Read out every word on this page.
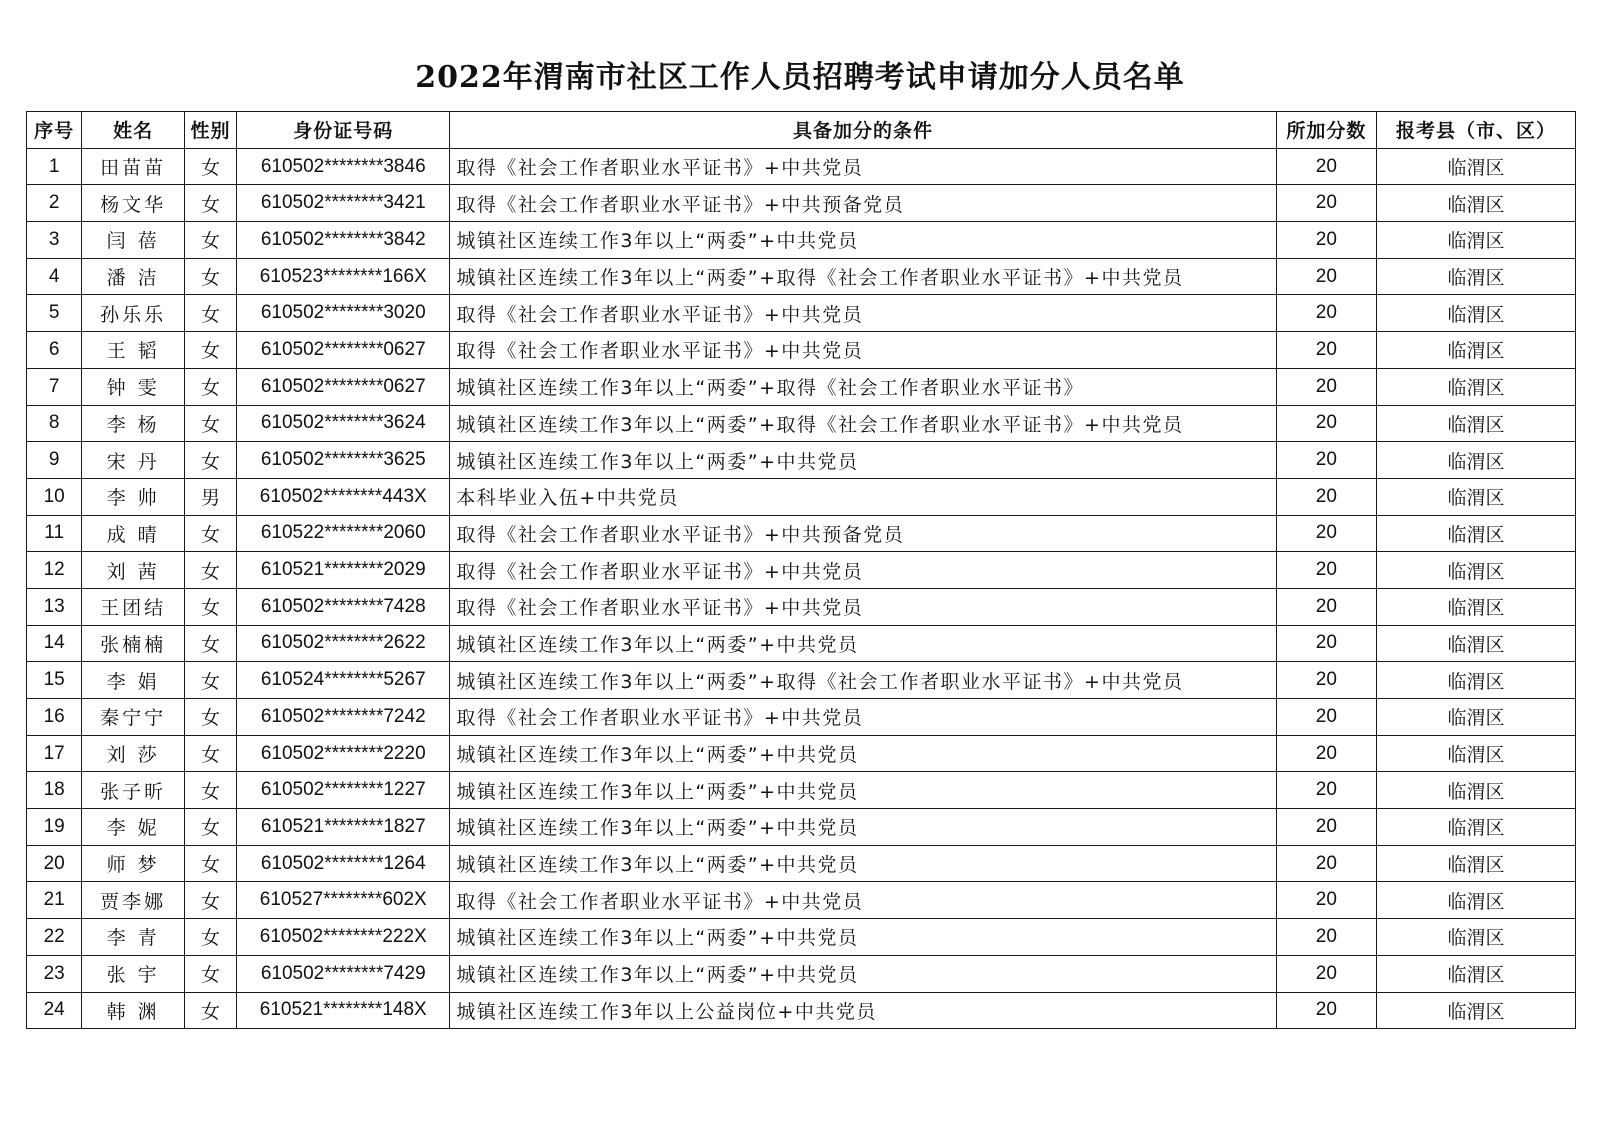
2022年渭南市社区工作人员招聘考试申请加分人员名单
序号	姓名	性别	身份证号码	具备加分的条件	所加分数	报考县（市、区）
1	田苗苗	女	610502********3846	取得《社会工作者职业水平证书》+中共党员	20	临渭区
2	杨文华	女	610502********3421	取得《社会工作者职业水平证书》+中共预备党员	20	临渭区
3	闫 蓓	女	610502********3842	城镇社区连续工作3年以上“两委”+中共党员	20	临渭区
4	潘 洁	女	610523********166X	城镇社区连续工作3年以上“两委”+取得《社会工作者职业水平证书》+中共党员	20	临渭区
5	孙乐乐	女	610502********3020	取得《社会工作者职业水平证书》+中共党员	20	临渭区
6	王 韬	女	610502********0627	取得《社会工作者职业水平证书》+中共党员	20	临渭区
7	钟 雯	女	610502********0627	城镇社区连续工作3年以上“两委”+取得《社会工作者职业水平证书》	20	临渭区
8	李 杨	女	610502********3624	城镇社区连续工作3年以上“两委”+取得《社会工作者职业水平证书》+中共党员	20	临渭区
9	宋 丹	女	610502********3625	城镇社区连续工作3年以上“两委”+中共党员	20	临渭区
10	李 帅	男	610502********443X	本科毕业入伍+中共党员	20	临渭区
11	成 晴	女	610522********2060	取得《社会工作者职业水平证书》+中共预备党员	20	临渭区
12	刘 茜	女	610521********2029	取得《社会工作者职业水平证书》+中共党员	20	临渭区
13	王团结	女	610502********7428	取得《社会工作者职业水平证书》+中共党员	20	临渭区
14	张楠楠	女	610502********2622	城镇社区连续工作3年以上“两委”+中共党员	20	临渭区
15	李 娟	女	610524********5267	城镇社区连续工作3年以上“两委”+取得《社会工作者职业水平证书》+中共党员	20	临渭区
16	秦宁宁	女	610502********7242	取得《社会工作者职业水平证书》+中共党员	20	临渭区
17	刘 莎	女	610502********2220	城镇社区连续工作3年以上“两委”+中共党员	20	临渭区
18	张子昕	女	610502********1227	城镇社区连续工作3年以上“两委”+中共党员	20	临渭区
19	李 妮	女	610521********1827	城镇社区连续工作3年以上“两委”+中共党员	20	临渭区
20	师 梦	女	610502********1264	城镇社区连续工作3年以上“两委”+中共党员	20	临渭区
21	贾李娜	女	610527********602X	取得《社会工作者职业水平证书》+中共党员	20	临渭区
22	李 青	女	610502********222X	城镇社区连续工作3年以上“两委”+中共党员	20	临渭区
23	张 宇	女	610502********7429	城镇社区连续工作3年以上“两委”+中共党员	20	临渭区
24	韩 渊	女	610521********148X	城镇社区连续工作3年以上公益岗位+中共党员	20	临渭区
